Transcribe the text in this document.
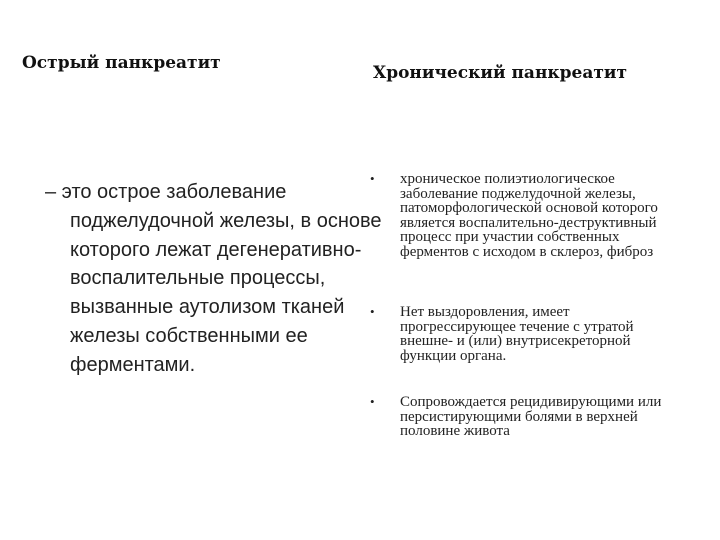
Острый панкреатит	Хронический панкреатит

– это острое заболевание поджелудочной железы, в основе которого лежат дегенеративно-воспалительные процессы, вызванные аутолизом тканей железы собственными ее ферментами.

• хроническое полиэтиологическое заболевание поджелудочной железы, патоморфологической основой которого является воспалительно-деструктивный процесс при участии собственных ферментов с исходом в склероз, фиброз
• Нет выздоровления, имеет прогрессирующее течение с утратой внешне- и (или) внутрисекреторной функции органа.
• Сопровождается рецидивирующими или персистирующими болями в верхней половине живота
